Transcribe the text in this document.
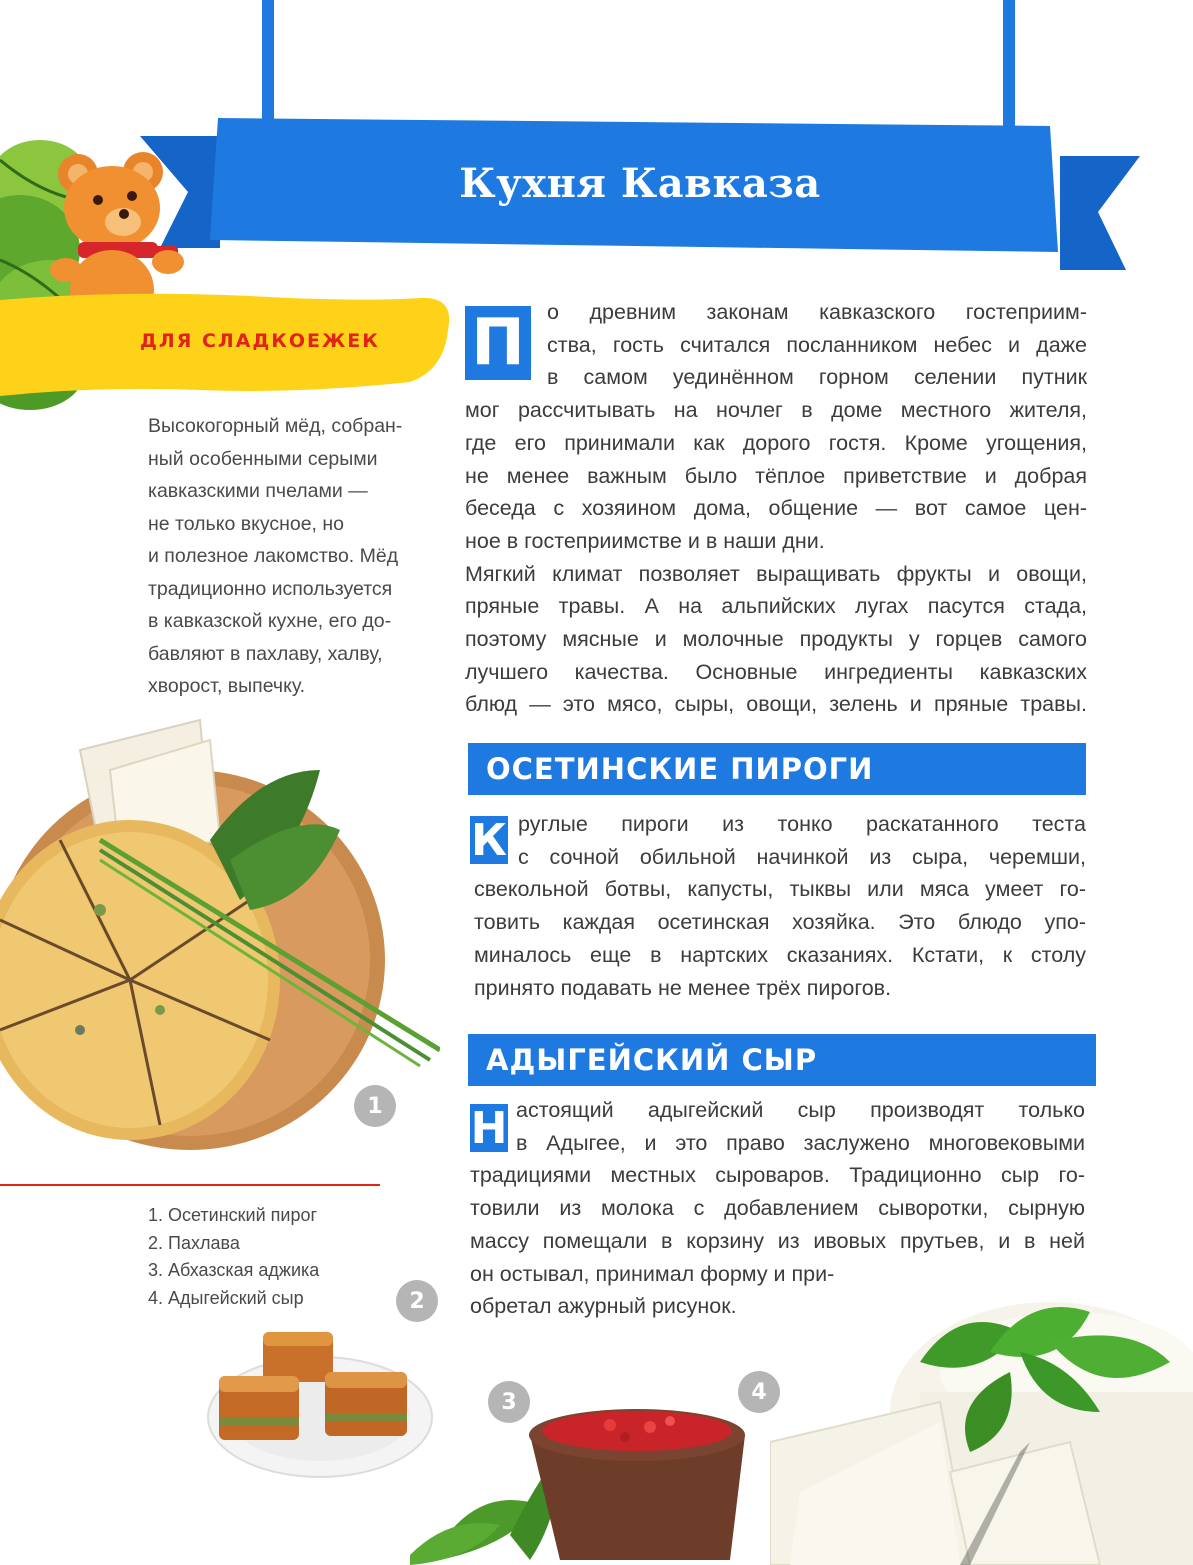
Кухня Кавказа
ДЛЯ СЛАДКОЕЖЕК

Высокогорный мёд, собран-

ный особенными серыми

кавказскими пчелами —

не только вкусное, но

и полезное лакомство. Мёд

традиционно используется

в кавказской кухне, его до-

бавляют в пахлаву, халву,

хворост, выпечку.

П о древним законам кавказского гостеприим-
ства, гость считался посланником небес и даже
в самом уединённом горном селении путник
мог рассчитывать на ночлег в доме местного жителя,
где его принимали как дорого гостя. Кроме угощения,
не менее важным было тёплое приветствие и добрая
беседа с хозяином дома, общение — вот самое цен-
ное в гостеприимстве и в наши дни.
Мягкий климат позволяет выращивать фрукты и овощи,
пряные травы. А на альпийских лугах пасутся стада,
поэтому мясные и молочные продукты у горцев самого
лучшего качества. Основные ингредиенты кавказских
блюд — это мясо, сыры, овощи, зелень и пряные травы.
ОСЕТИНСКИЕ ПИРОГИ
К руглые пироги из тонко раскатанного теста
с сочной обильной начинкой из сыра, черемши,
свекольной ботвы, капусты, тыквы или мяса умеет го-
товить каждая осетинская хозяйка. Это блюдо упо-
миналось еще в нартских сказаниях. Кстати, к столу
принято подавать не менее трёх пирогов.
АДЫГЕЙСКИЙ СЫР
Н астоящий адыгейский сыр производят только
в Адыгее, и это право заслужено многовековыми
традициями местных сыроваров. Традиционно сыр го-
товили из молока с добавлением сыворотки, сырную
массу помещали в корзину из ивовых прутьев, и в ней
он остывал, принимал форму и при-
обретал ажурный рисунок.
1
1. Осетинский пирог
2. Пахлава
3. Абхазская аджика
4. Адыгейский сыр	2
3	4
